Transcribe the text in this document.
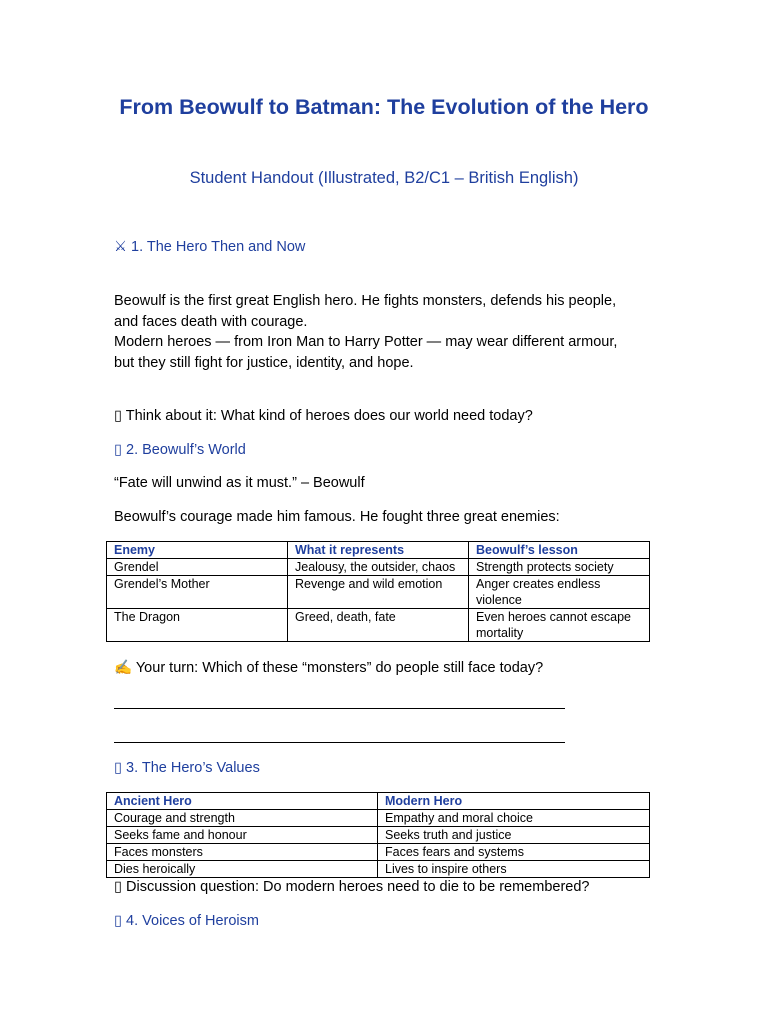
From Beowulf to Batman: The Evolution of the Hero

Student Handout (Illustrated, B2/C1 – British English)

⚔ 1. The Hero Then and Now

Beowulf is the first great English hero. He fights monsters, defends his people,

and faces death with courage.

Modern heroes — from Iron Man to Harry Potter — may wear different armour,

but they still fight for justice, identity, and hope.

▯ Think about it: What kind of heroes does our world need today?

▯ 2. Beowulf’s World

“Fate will unwind as it must.” – Beowulf

Beowulf’s courage made him famous. He fought three great enemies:

Enemy	What it represents	Beowulf’s lesson
Grendel	Jealousy, the outsider, chaos	Strength protects society
Grendel’s Mother	Revenge and wild emotion	Anger creates endless violence
The Dragon	Greed, death, fate	Even heroes cannot escape mortality

✍ Your turn: Which of these “monsters” do people still face today?

▯ 3. The Hero’s Values
Ancient Hero	Modern Hero
Courage and strength	Empathy and moral choice
Seeks fame and honour	Seeks truth and justice
Faces monsters	Faces fears and systems
Dies heroically	Lives to inspire others

▯ Discussion question: Do modern heroes need to die to be remembered?

▯ 4. Voices of Heroism
